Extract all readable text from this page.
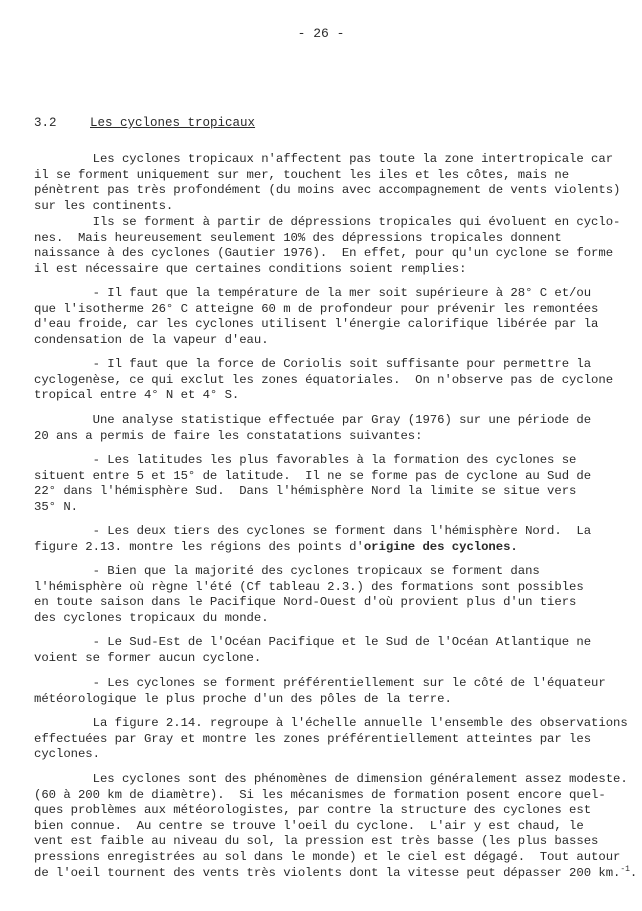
- 26 -
3.2	Les cyclones tropicaux
Les cyclones tropicaux n'affectent pas toute la zone intertropicale car
il se forment uniquement sur mer, touchent les iles et les côtes, mais ne
pénètrent pas très profondément (du moins avec accompagnement de vents violents)
sur les continents.
Ils se forment à partir de dépressions tropicales qui évoluent en cyclo-
nes.  Mais heureusement seulement 10% des dépressions tropicales donnent
naissance à des cyclones (Gautier 1976).  En effet, pour qu'un cyclone se forme
il est nécessaire que certaines conditions soient remplies:
- Il faut que la température de la mer soit supérieure à 28° C et/ou
que l'isotherme 26° C atteigne 60 m de profondeur pour prévenir les remontées
d'eau froide, car les cyclones utilisent l'énergie calorifique libérée par la
condensation de la vapeur d'eau.
- Il faut que la force de Coriolis soit suffisante pour permettre la
cyclogenèse, ce qui exclut les zones équatoriales.  On n'observe pas de cyclone
tropical entre 4° N et 4° S.
Une analyse statistique effectuée par Gray (1976) sur une période de
20 ans a permis de faire les constatations suivantes:
- Les latitudes les plus favorables à la formation des cyclones se
situent entre 5 et 15° de latitude.  Il ne se forme pas de cyclone au Sud de
22° dans l'hémisphère Sud.  Dans l'hémisphère Nord la limite se situe vers
35° N.
- Les deux tiers des cyclones se forment dans l'hémisphère Nord.  La
figure 2.13. montre les régions des points d'origine des cyclones.
- Bien que la majorité des cyclones tropicaux se forment dans
l'hémisphère où règne l'été (Cf tableau 2.3.) des formations sont possibles
en toute saison dans le Pacifique Nord-Ouest d'où provient plus d'un tiers
des cyclones tropicaux du monde.
- Le Sud-Est de l'Océan Pacifique et le Sud de l'Océan Atlantique ne
voient se former aucun cyclone.
- Les cyclones se forment préférentiellement sur le côté de l'équateur
météorologique le plus proche d'un des pôles de la terre.
La figure 2.14. regroupe à l'échelle annuelle l'ensemble des observations
effectuées par Gray et montre les zones préférentiellement atteintes par les
cyclones.
Les cyclones sont des phénomènes de dimension généralement assez modeste.
(60 à 200 km de diamètre).  Si les mécanismes de formation posent encore quel-
ques problèmes aux météorologistes, par contre la structure des cyclones est
bien connue.  Au centre se trouve l'oeil du cyclone.  L'air y est chaud, le
vent est faible au niveau du sol, la pression est très basse (les plus basses
pressions enregistrées au sol dans le monde) et le ciel est dégagé.  Tout autour
de l'oeil tournent des vents très violents dont la vitesse peut dépasser 200 km.$^{-1}$.
